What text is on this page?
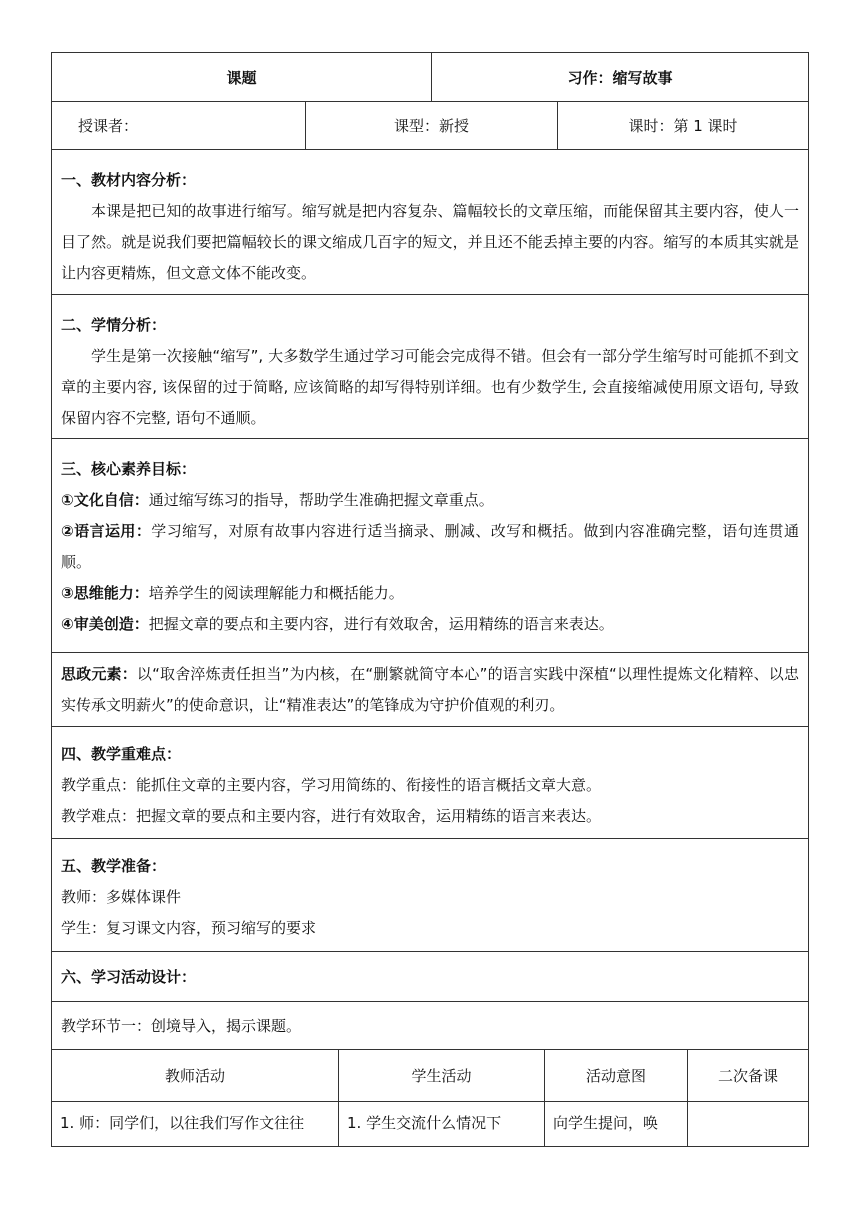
课题	习作：缩写故事
授课者：	课型：新授	课时：第 1 课时

一、教材内容分析：

本课是把已知的故事进行缩写。缩写就是把内容复杂、篇幅较长的文章压缩，而能保留其主要内容，使人一目了然。就是说我们要把篇幅较长的课文缩成几百字的短文，并且还不能丢掉主要的内容。缩写的本质其实就是让内容更精炼，但文意文体不能改变。

二、学情分析：

学生是第一次接触“缩写”, 大多数学生通过学习可能会完成得不错。但会有一部分学生缩写时可能抓不到文章的主要内容, 该保留的过于简略, 应该简略的却写得特别详细。也有少数学生, 会直接缩减使用原文语句, 导致保留内容不完整, 语句不通顺。

三、核心素养目标：

①文化自信：通过缩写练习的指导，帮助学生准确把握文章重点。

②语言运用：学习缩写，对原有故事内容进行适当摘录、删减、改写和概括。做到内容准确完整，语句连贯通顺。

③思维能力：培养学生的阅读理解能力和概括能力。

④审美创造：把握文章的要点和主要内容，进行有效取舍，运用精练的语言来表达。

思政元素：以“取舍淬炼责任担当”为内核，在“删繁就简守本心”的语言实践中深植“以理性提炼文化精粹、以忠实传承文明薪火”的使命意识，让“精准表达”的笔锋成为守护价值观的利刃。

四、教学重难点：

教学重点：能抓住文章的主要内容，学习用简练的、衔接性的语言概括文章大意。

教学难点：把握文章的要点和主要内容，进行有效取舍，运用精练的语言来表达。

五、教学准备：

教师：多媒体课件

学生：复习课文内容，预习缩写的要求

六、学习活动设计：

教学环节一：创境导入，揭示课题。

教师活动	学生活动	活动意图	二次备课
1. 师：同学们，以往我们写作文往往	1. 学生交流什么情况下	向学生提问，唤
